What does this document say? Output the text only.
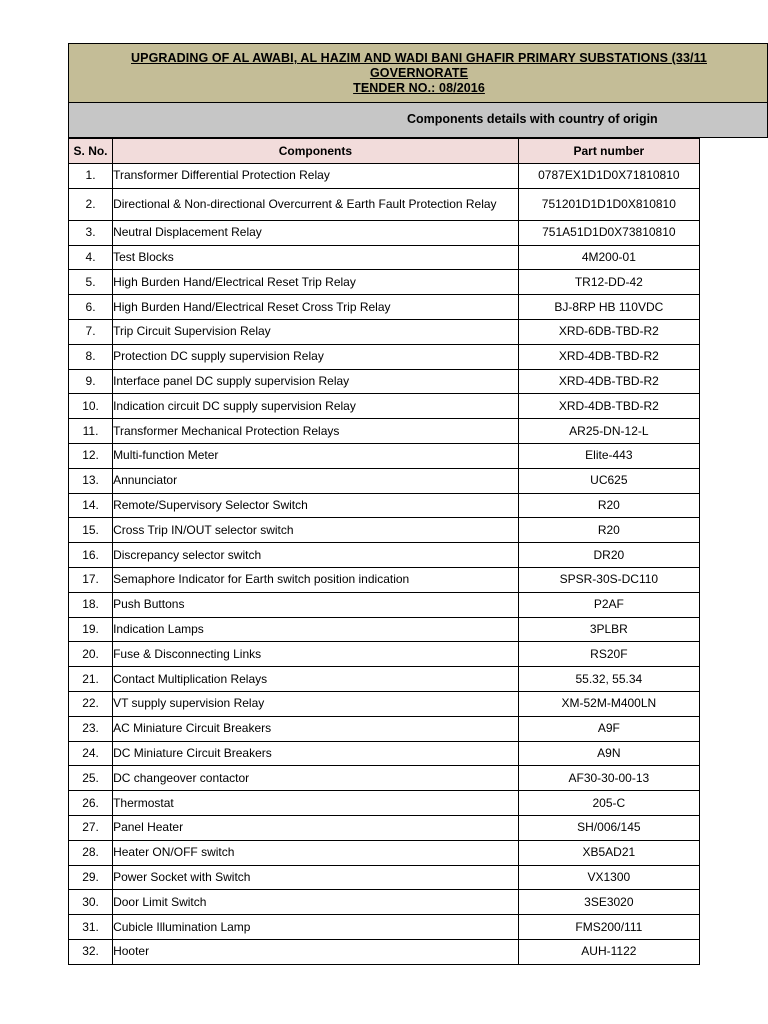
UPGRADING OF AL AWABI, AL HAZIM AND WADI BANI GHAFIR PRIMARY SUBSTATIONS (33/11
GOVERNORATE
TENDER NO.: 08/2016
Components details with country of origin
S. No.	Components	Part number
1.	Transformer Differential Protection Relay	0787EX1D1D0X71810810
2.	Directional & Non-directional Overcurrent & Earth Fault Protection Relay	751201D1D1D0X810810
3.	Neutral Displacement Relay	751A51D1D0X73810810
4.	Test Blocks	4M200-01
5.	High Burden Hand/Electrical Reset Trip Relay	TR12-DD-42
6.	High Burden Hand/Electrical Reset Cross Trip Relay	BJ-8RP HB 110VDC
7.	Trip Circuit Supervision Relay	XRD-6DB-TBD-R2
8.	Protection DC supply supervision Relay	XRD-4DB-TBD-R2
9.	Interface panel DC supply supervision Relay	XRD-4DB-TBD-R2
10.	Indication circuit DC supply supervision Relay	XRD-4DB-TBD-R2
11.	Transformer Mechanical Protection Relays	AR25-DN-12-L
12.	Multi-function Meter	Elite-443
13.	Annunciator	UC625
14.	Remote/Supervisory Selector Switch	R20
15.	Cross Trip IN/OUT selector switch	R20
16.	Discrepancy selector switch	DR20
17.	Semaphore Indicator for Earth switch position indication	SPSR-30S-DC110
18.	Push Buttons	P2AF
19.	Indication Lamps	3PLBR
20.	Fuse & Disconnecting Links	RS20F
21.	Contact Multiplication Relays	55.32, 55.34
22.	VT supply supervision Relay	XM-52M-M400LN
23.	AC Miniature Circuit Breakers	A9F
24.	DC Miniature Circuit Breakers	A9N
25.	DC changeover contactor	AF30-30-00-13
26.	Thermostat	205-C
27.	Panel Heater	SH/006/145
28.	Heater ON/OFF switch	XB5AD21
29.	Power Socket with Switch	VX1300
30.	Door Limit Switch	3SE3020
31.	Cubicle Illumination Lamp	FMS200/111
32.	Hooter	AUH-1122
